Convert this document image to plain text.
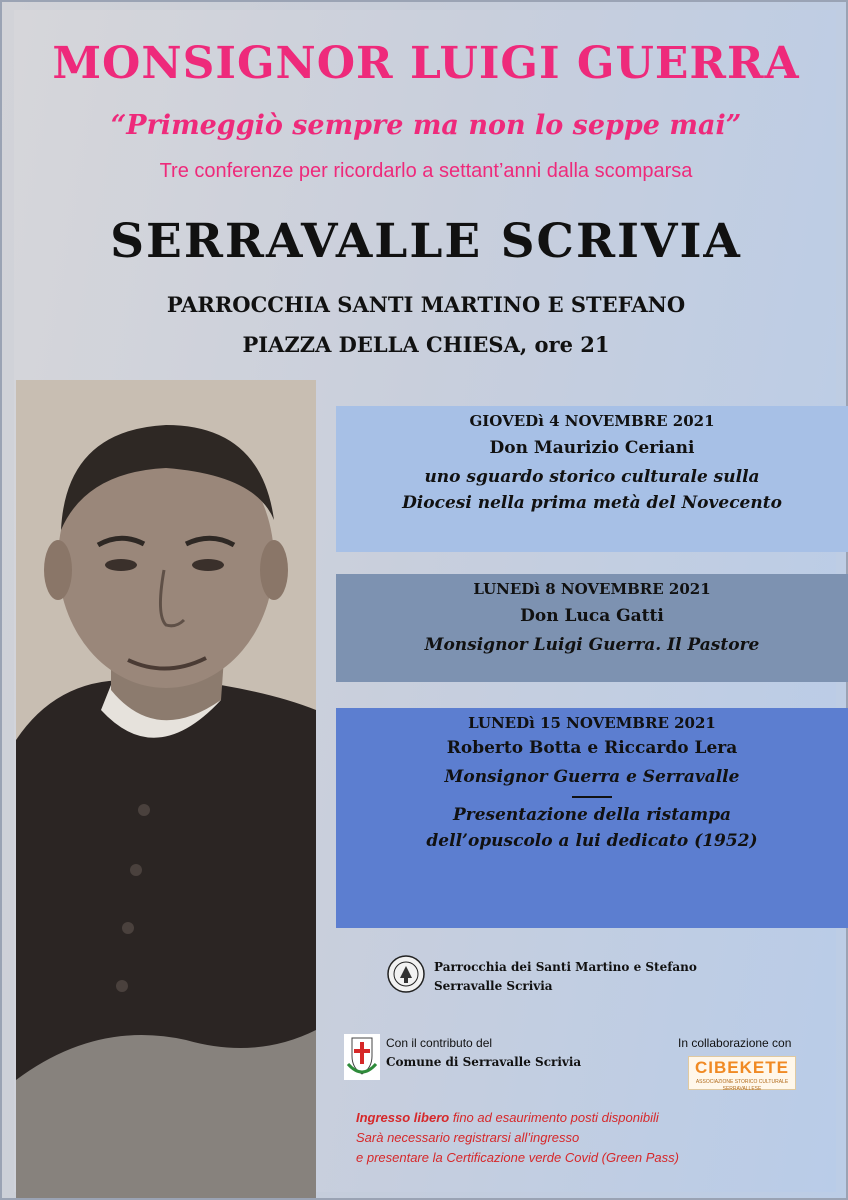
MONSIGNOR LUIGI GUERRA
“Primeggiò sempre ma non lo seppe mai”
Tre conferenze per ricordarlo a settant’anni dalla scomparsa
SERRAVALLE SCRIVIA
PARROCCHIA SANTI MARTINO E STEFANO
PIAZZA DELLA CHIESA, ore 21
GIOVEDì 4 NOVEMBRE 2021
Don Maurizio Ceriani
uno sguardo storico culturale sulla
Diocesi nella prima metà del Novecento
LUNEDì 8 NOVEMBRE 2021
Don Luca Gatti
Monsignor Luigi Guerra. Il Pastore
LUNEDì 15 NOVEMBRE 2021
Roberto Botta e Riccardo Lera
Monsignor Guerra e Serravalle
Presentazione della ristampa
dell’opuscolo a lui dedicato (1952)
Parrocchia dei Santi Martino e Stefano
Serravalle Scrivia
Con il contributo del
Comune di Serravalle Scrivia
In collaborazione con
CIBEKETE
ASSOCIAZIONE STORICO CULTURALE SERRAVALLESE
Ingresso libero fino ad esaurimento posti disponibili
Sarà necessario registrarsi all’ingresso
e presentare la Certificazione verde Covid (Green Pass)
